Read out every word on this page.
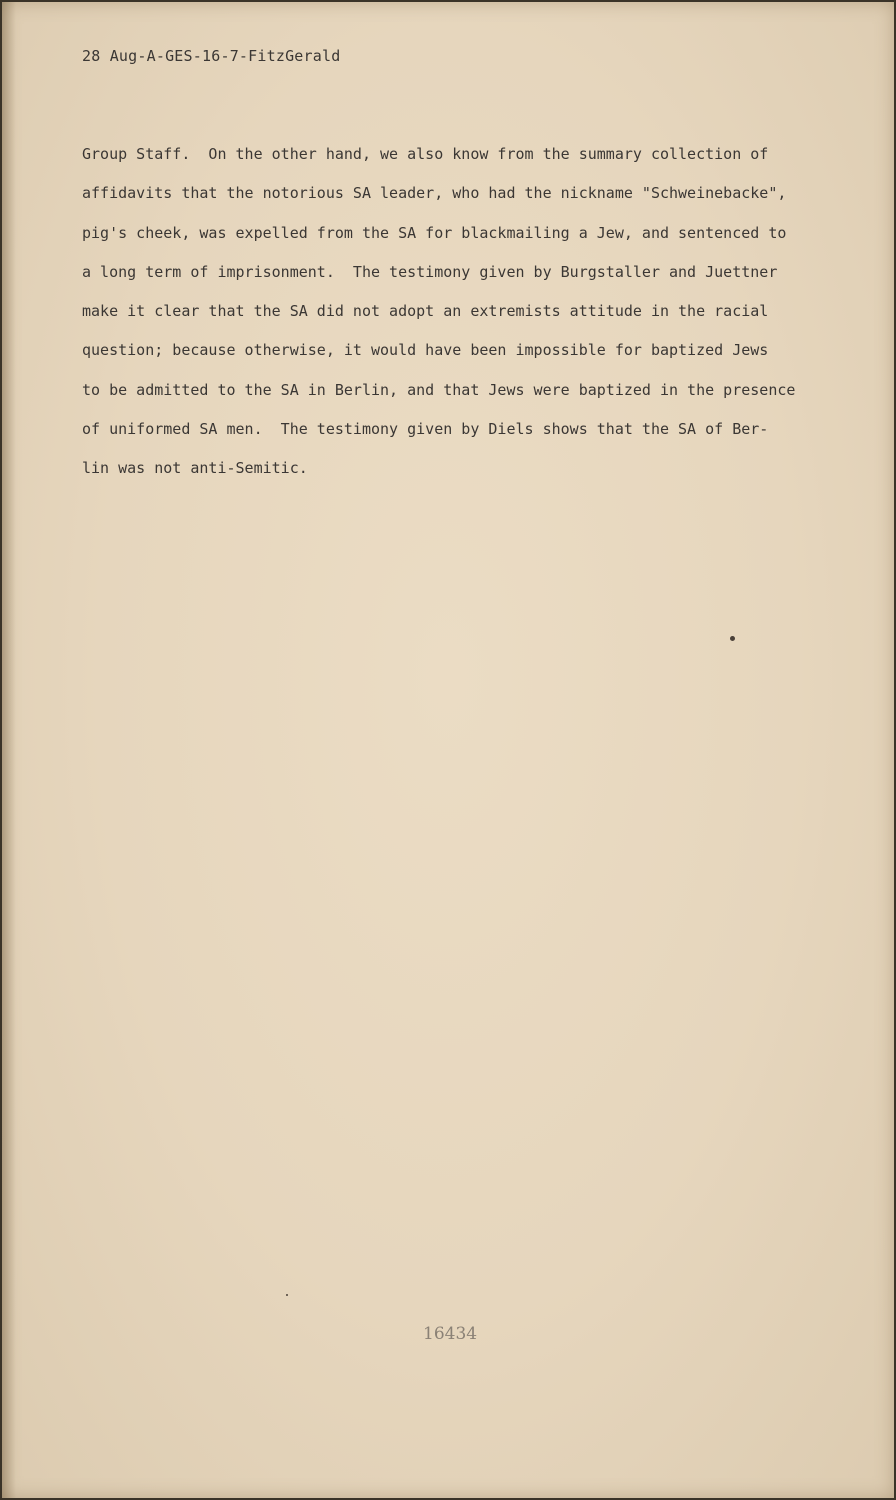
28 Aug-A-GES-16-7-FitzGerald
Group Staff.  On the other hand, we also know from the summary collection of
affidavits that the notorious SA leader, who had the nickname "Schweinebacke",
pig's cheek, was expelled from the SA for blackmailing a Jew, and sentenced to
a long term of imprisonment.  The testimony given by Burgstaller and Juettner
make it clear that the SA did not adopt an extremists attitude in the racial
question; because otherwise, it would have been impossible for baptized Jews
to be admitted to the SA in Berlin, and that Jews were baptized in the presence
of uniformed SA men.  The testimony given by Diels shows that the SA of Ber-
lin was not anti-Semitic.
16434
